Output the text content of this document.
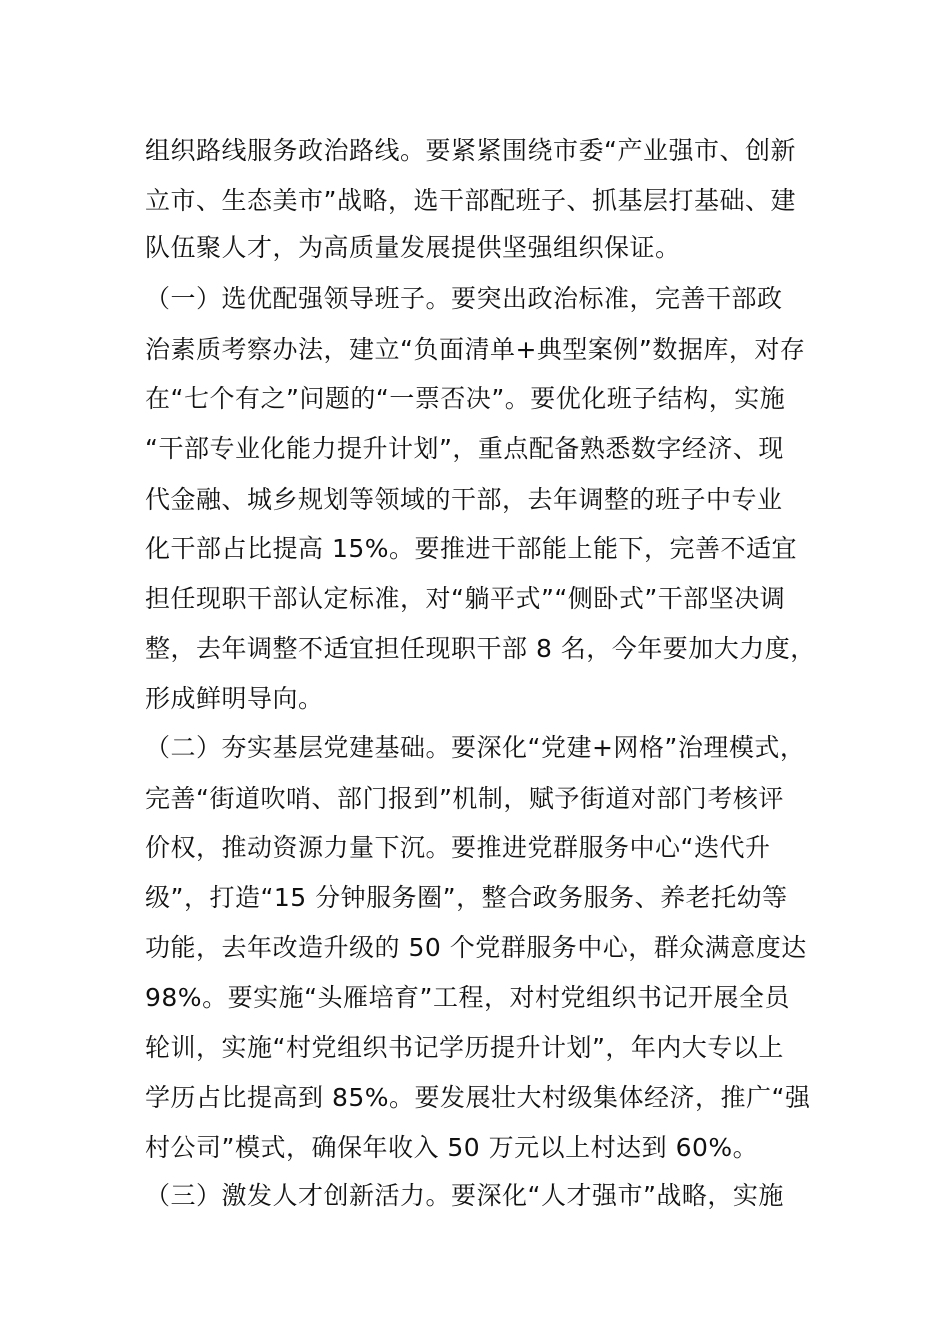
组织路线服务政治路线。要紧紧围绕市委“产业强市、创新
立市、生态美市”战略，选干部配班子、抓基层打基础、建
队伍聚人才，为高质量发展提供坚强组织保证。
（一）选优配强领导班子。要突出政治标准，完善干部政
治素质考察办法，建立“负面清单+典型案例”数据库，对存
在“七个有之”问题的“一票否决”。要优化班子结构，实施
“干部专业化能力提升计划”，重点配备熟悉数字经济、现
代金融、城乡规划等领域的干部，去年调整的班子中专业
化干部占比提高 15%。要推进干部能上能下，完善不适宜
担任现职干部认定标准，对“躺平式”“侧卧式”干部坚决调
整，去年调整不适宜担任现职干部 8 名，今年要加大力度，
形成鲜明导向。
（二）夯实基层党建基础。要深化“党建+网格”治理模式，
完善“街道吹哨、部门报到”机制，赋予街道对部门考核评
价权，推动资源力量下沉。要推进党群服务中心“迭代升
级”，打造“15 分钟服务圈”，整合政务服务、养老托幼等
功能，去年改造升级的 50 个党群服务中心，群众满意度达
98%。要实施“头雁培育”工程，对村党组织书记开展全员
轮训，实施“村党组织书记学历提升计划”，年内大专以上
学历占比提高到 85%。要发展壮大村级集体经济，推广“强
村公司”模式，确保年收入 50 万元以上村达到 60%。
（三）激发人才创新活力。要深化“人才强市”战略，实施
